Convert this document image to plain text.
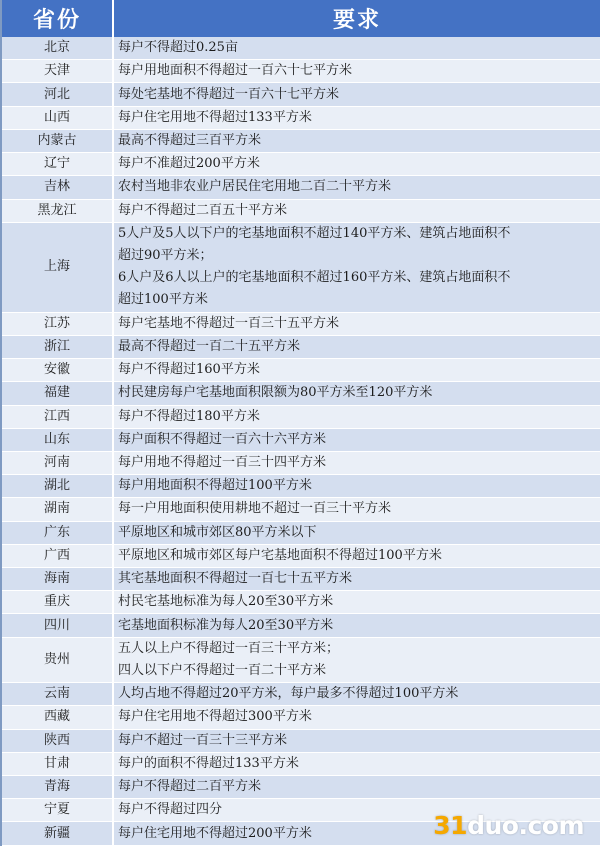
省份	要求
北京	每户不得超过0.25亩

天津	每户用地面积不得超过一百六十七平方米

河北	每处宅基地不得超过一百六十七平方米

山西	每户住宅用地不得超过133平方米

内蒙古	最高不得超过三百平方米

辽宁	每户不准超过200平方米

吉林	农村当地非农业户居民住宅用地二百二十平方米

黑龙江	每户不得超过二百五十平方米

上海	5人户及5人以下户的宅基地面积不超过140平方米、建筑占地面积不
超过90平方米；
6人户及6人以上户的宅基地面积不超过160平方米、建筑占地面积不
超过100平方米

江苏	每户宅基地不得超过一百三十五平方米

浙江	最高不得超过一百二十五平方米

安徽	每户不得超过160平方米

福建	村民建房每户宅基地面积限额为80平方米至120平方米

江西	每户不得超过180平方米

山东	每户面积不得超过一百六十六平方米

河南	每户用地不得超过一百三十四平方米

湖北	每户用地面积不得超过100平方米

湖南	每一户用地面积使用耕地不超过一百三十平方米

广东	平原地区和城市郊区80平方米以下

广西	平原地区和城市郊区每户宅基地面积不得超过100平方米

海南	其宅基地面积不得超过一百七十五平方米

重庆	村民宅基地标准为每人20至30平方米

四川	宅基地面积标准为每人20至30平方米

贵州	五人以上户不得超过一百三十平方米；
四人以下户不得超过一百二十平方米

云南	人均占地不得超过20平方米，每户最多不得超过100平方米

西藏	每户住宅用地不得超过300平方米

陕西	每户不超过一百三十三平方米

甘肃	每户的面积不得超过133平方米

青海	每户不得超过二百平方米

宁夏	每户不得超过四分

新疆	每户住宅用地不得超过200平方米	31duo.com
